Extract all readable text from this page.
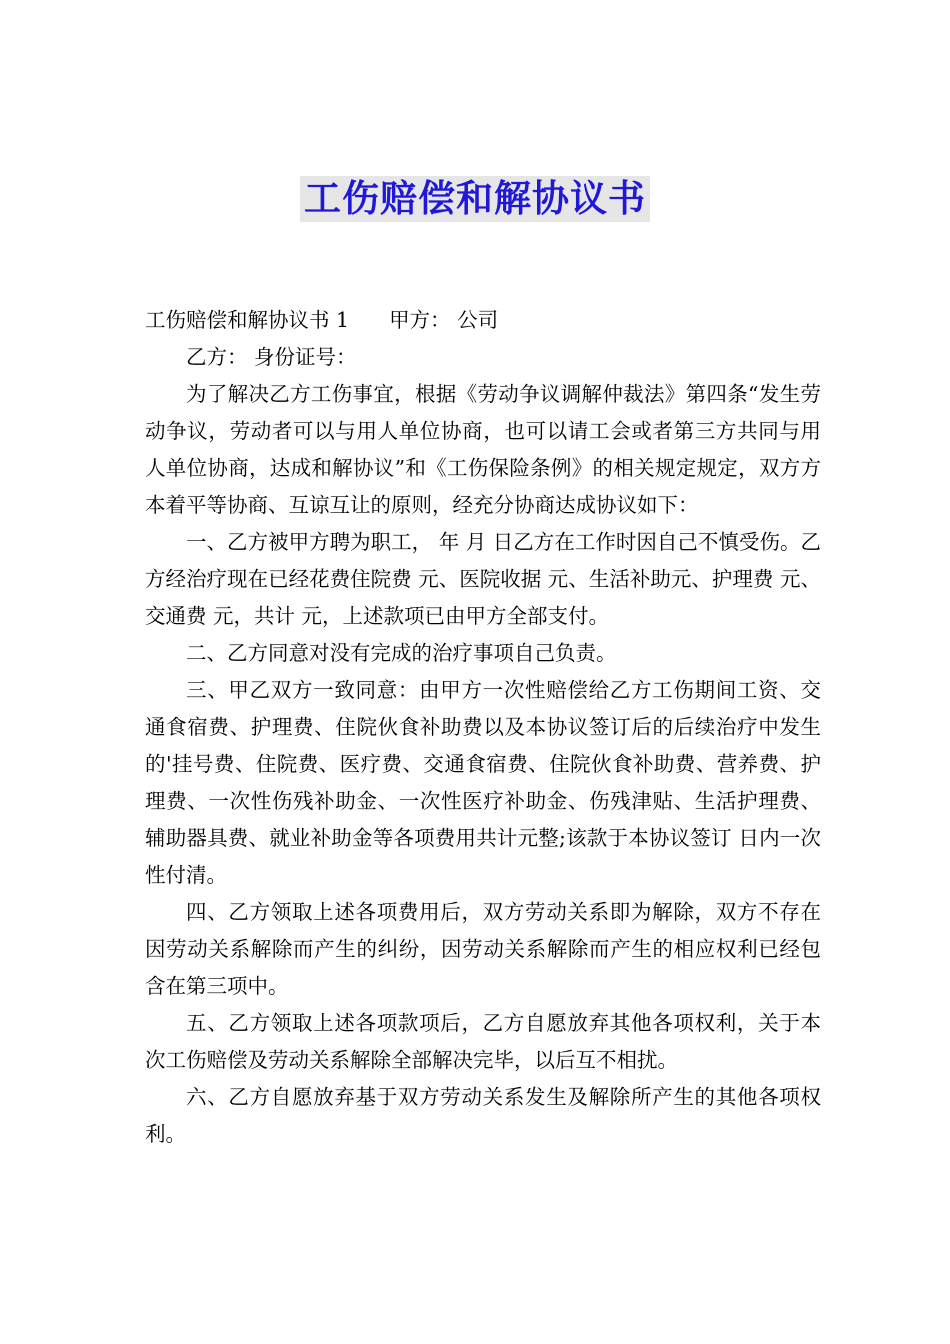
工伤赔偿和解协议书

工伤赔偿和解协议书 1 甲方： 公司

乙方： 身份证号：

为了解决乙方工伤事宜，根据《劳动争议调解仲裁法》第四条“发生劳动争议，劳动者可以与用人单位协商，也可以请工会或者第三方共同与用人单位协商，达成和解协议”和《工伤保险条例》的相关规定规定，双方方本着平等协商、互谅互让的原则，经充分协商达成协议如下：

一、乙方被甲方聘为职工， 年 月 日乙方在工作时因自己不慎受伤。乙方经治疗现在已经花费住院费 元、医院收据 元、生活补助元、护理费 元、交通费 元，共计 元，上述款项已由甲方全部支付。

二、乙方同意对没有完成的治疗事项自己负责。

三、甲乙双方一致同意：由甲方一次性赔偿给乙方工伤期间工资、交通食宿费、护理费、住院伙食补助费以及本协议签订后的后续治疗中发生的'挂号费、住院费、医疗费、交通食宿费、住院伙食补助费、营养费、护理费、一次性伤残补助金、一次性医疗补助金、伤残津贴、生活护理费、辅助器具费、就业补助金等各项费用共计元整;该款于本协议签订 日内一次性付清。

四、乙方领取上述各项费用后，双方劳动关系即为解除，双方不存在因劳动关系解除而产生的纠纷，因劳动关系解除而产生的相应权利已经包含在第三项中。

五、乙方领取上述各项款项后，乙方自愿放弃其他各项权利，关于本次工伤赔偿及劳动关系解除全部解决完毕，以后互不相扰。

六、乙方自愿放弃基于双方劳动关系发生及解除所产生的其他各项权利。
